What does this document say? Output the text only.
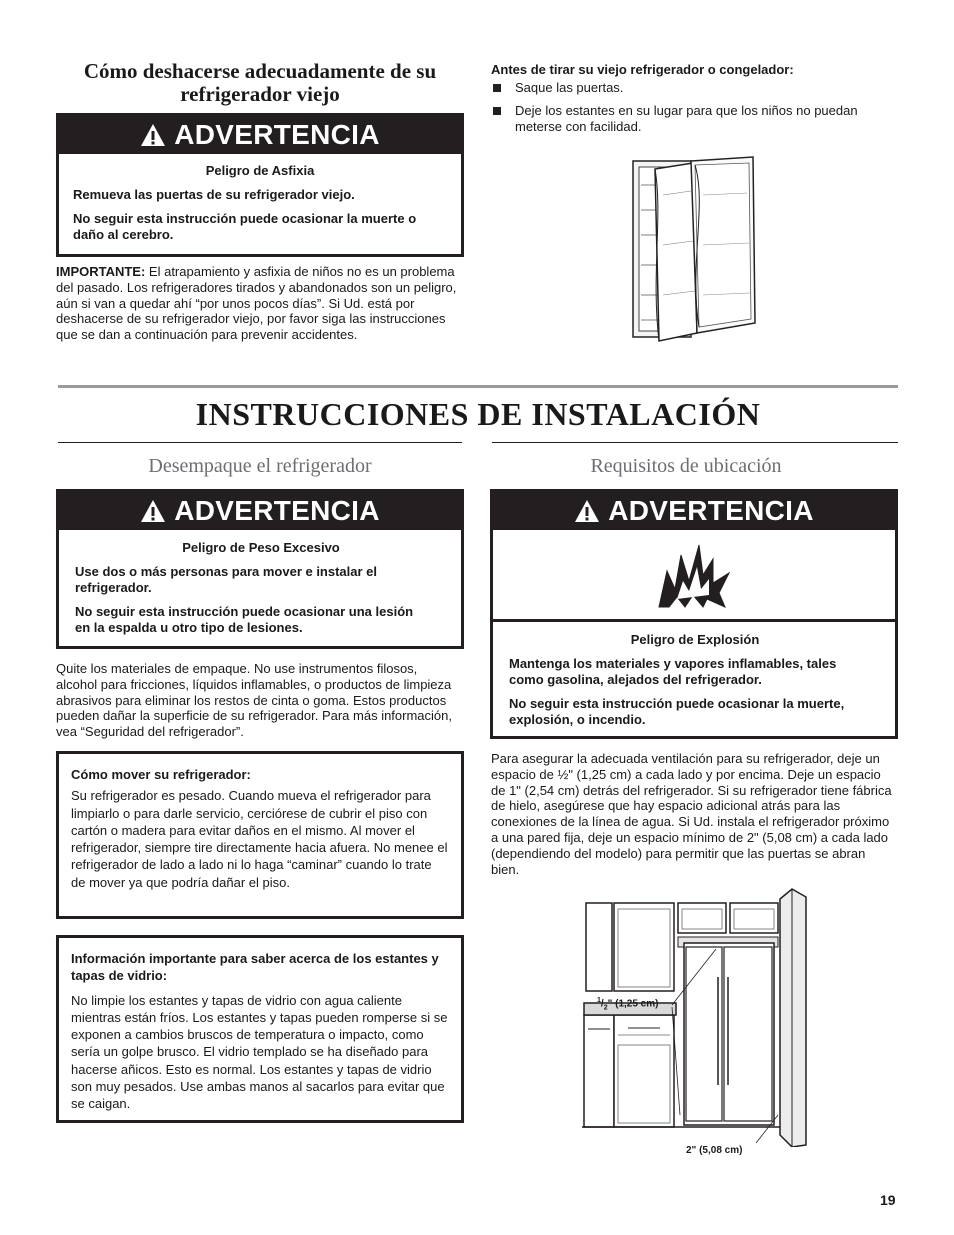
Cómo deshacerse adecuadamente de su refrigerador viejo
ADVERTENCIA
Peligro de Asfixia
Remueva las puertas de su refrigerador viejo.
No seguir esta instrucción puede ocasionar la muerte o daño al cerebro.

IMPORTANTE: El atrapamiento y asfixia de niños no es un problema del pasado. Los refrigeradores tirados y abandonados son un peligro, aún si van a quedar ahí “por unos pocos días”. Si Ud. está por deshacerse de su refrigerador viejo, por favor siga las instrucciones que se dan a continuación para prevenir accidentes.

Antes de tirar su viejo refrigerador o congelador:
Saque las puertas.
Deje los estantes en su lugar para que los niños no puedan meterse con facilidad.
INSTRUCCIONES DE INSTALACIÓN
Desempaque el refrigerador
ADVERTENCIA
Peligro de Peso Excesivo
Use dos o más personas para mover e instalar el refrigerador.
No seguir esta instrucción puede ocasionar una lesión en la espalda u otro tipo de lesiones.

Quite los materiales de empaque. No use instrumentos filosos, alcohol para fricciones, líquidos inflamables, o productos de limpieza abrasivos para eliminar los restos de cinta o goma. Estos productos pueden dañar la superficie de su refrigerador. Para más información, vea “Seguridad del refrigerador”.

Cómo mover su refrigerador:

Su refrigerador es pesado. Cuando mueva el refrigerador para limpiarlo o para darle servicio, cerciórese de cubrir el piso con cartón o madera para evitar daños en el mismo. Al mover el refrigerador, siempre tire directamente hacia afuera. No menee el refrigerador de lado a lado ni lo haga “caminar” cuando lo trate de mover ya que podría dañar el piso.

Información importante para saber acerca de los estantes y tapas de vidrio:

No limpie los estantes y tapas de vidrio con agua caliente mientras están fríos. Los estantes y tapas pueden romperse si se exponen a cambios bruscos de temperatura o impacto, como sería un golpe brusco. El vidrio templado se ha diseñado para hacerse añicos. Esto es normal. Los estantes y tapas de vidrio son muy pesados. Use ambas manos al sacarlos para evitar que se caigan.

Requisitos de ubicación
ADVERTENCIA
Peligro de Explosión
Mantenga los materiales y vapores inflamables, tales como gasolina, alejados del refrigerador.
No seguir esta instrucción puede ocasionar la muerte, explosión, o incendio.

Para asegurar la adecuada ventilación para su refrigerador, deje un espacio de ½" (1,25 cm) a cada lado y por encima. Deje un espacio de 1" (2,54 cm) detrás del refrigerador. Si su refrigerador tiene fábrica de hielo, asegúrese que hay espacio adicional atrás para las conexiones de la línea de agua. Si Ud. instala el refrigerador próximo a una pared fija, deje un espacio mínimo de 2" (5,08 cm) a cada lado (dependiendo del modelo) para permitir que las puertas se abran bien.

$^1/_2$" (1,25 cm)
2" (5,08 cm)
19
